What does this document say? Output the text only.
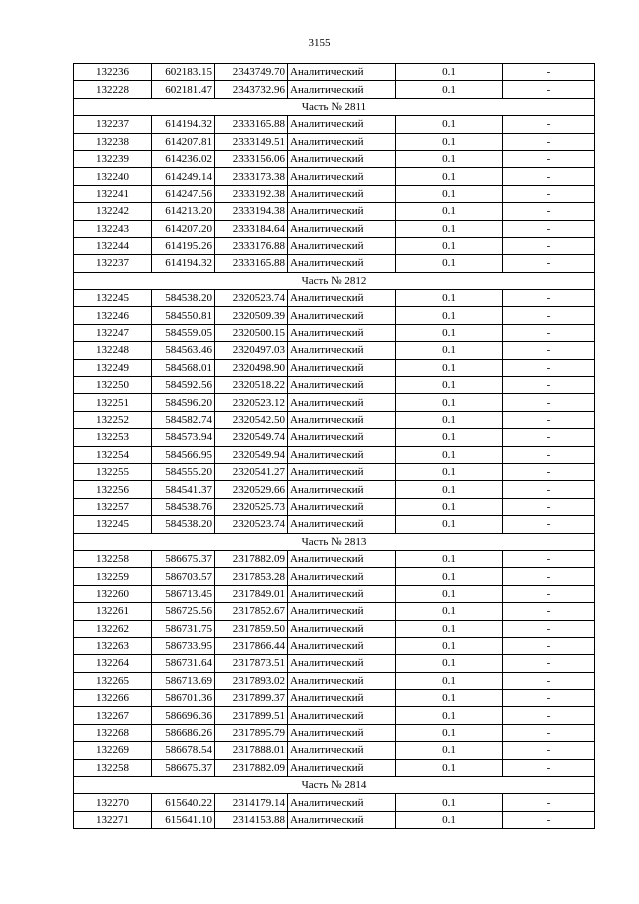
3155
132236	602183.15	2343749.70	Аналитический	0.1	-
132228	602181.47	2343732.96	Аналитический	0.1	-
Часть № 2811					
132237	614194.32	2333165.88	Аналитический	0.1	-
132238	614207.81	2333149.51	Аналитический	0.1	-
132239	614236.02	2333156.06	Аналитический	0.1	-
132240	614249.14	2333173.38	Аналитический	0.1	-
132241	614247.56	2333192.38	Аналитический	0.1	-
132242	614213.20	2333194.38	Аналитический	0.1	-
132243	614207.20	2333184.64	Аналитический	0.1	-
132244	614195.26	2333176.88	Аналитический	0.1	-
132237	614194.32	2333165.88	Аналитический	0.1	-
Часть № 2812					
132245	584538.20	2320523.74	Аналитический	0.1	-
132246	584550.81	2320509.39	Аналитический	0.1	-
132247	584559.05	2320500.15	Аналитический	0.1	-
132248	584563.46	2320497.03	Аналитический	0.1	-
132249	584568.01	2320498.90	Аналитический	0.1	-
132250	584592.56	2320518.22	Аналитический	0.1	-
132251	584596.20	2320523.12	Аналитический	0.1	-
132252	584582.74	2320542.50	Аналитический	0.1	-
132253	584573.94	2320549.74	Аналитический	0.1	-
132254	584566.95	2320549.94	Аналитический	0.1	-
132255	584555.20	2320541.27	Аналитический	0.1	-
132256	584541.37	2320529.66	Аналитический	0.1	-
132257	584538.76	2320525.73	Аналитический	0.1	-
132245	584538.20	2320523.74	Аналитический	0.1	-
Часть № 2813					
132258	586675.37	2317882.09	Аналитический	0.1	-
132259	586703.57	2317853.28	Аналитический	0.1	-
132260	586713.45	2317849.01	Аналитический	0.1	-
132261	586725.56	2317852.67	Аналитический	0.1	-
132262	586731.75	2317859.50	Аналитический	0.1	-
132263	586733.95	2317866.44	Аналитический	0.1	-
132264	586731.64	2317873.51	Аналитический	0.1	-
132265	586713.69	2317893.02	Аналитический	0.1	-
132266	586701.36	2317899.37	Аналитический	0.1	-
132267	586696.36	2317899.51	Аналитический	0.1	-
132268	586686.26	2317895.79	Аналитический	0.1	-
132269	586678.54	2317888.01	Аналитический	0.1	-
132258	586675.37	2317882.09	Аналитический	0.1	-
Часть № 2814					
132270	615640.22	2314179.14	Аналитический	0.1	-
132271	615641.10	2314153.88	Аналитический	0.1	-
